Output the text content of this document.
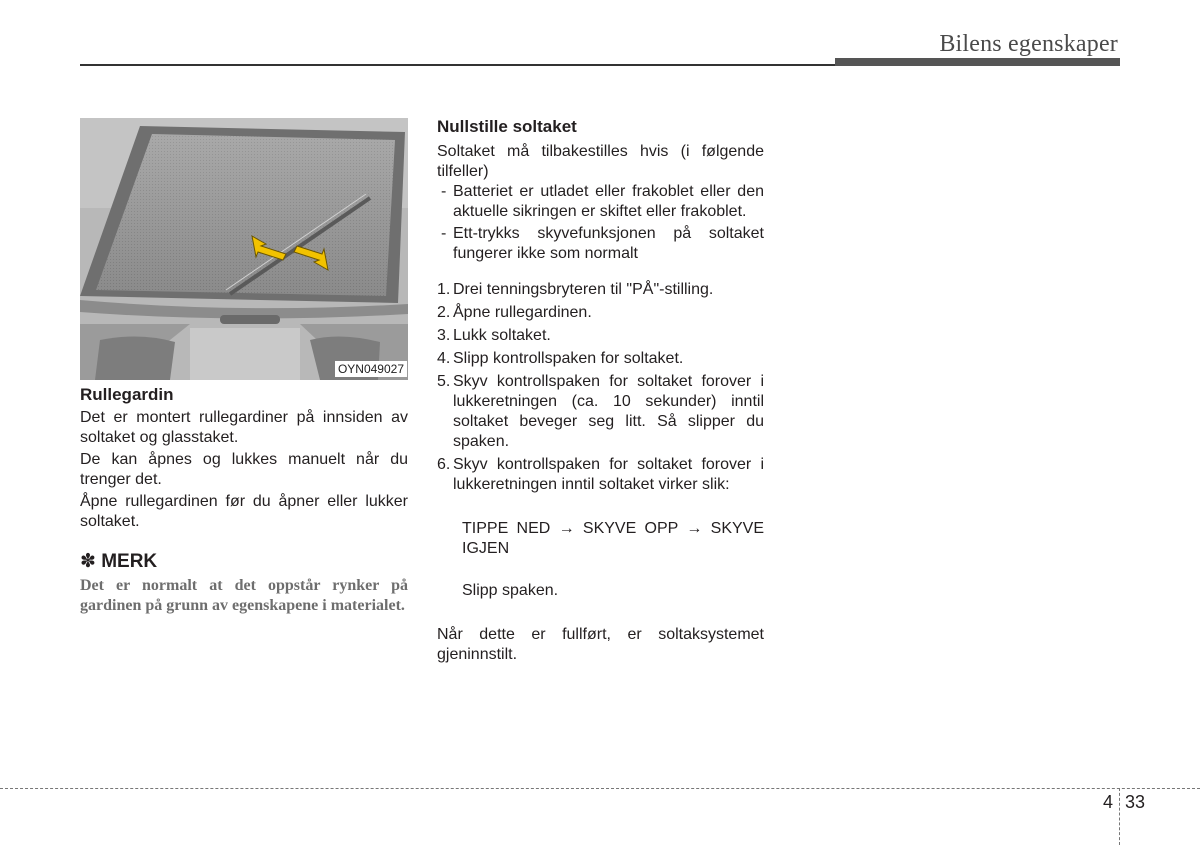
Bilens egenskaper
OYN049027
Rullegardin

Det er montert rullegardiner på innsiden av soltaket og glasstaket.

De kan åpnes og lukkes manuelt når du trenger det.

Åpne rullegardinen før du åpner eller lukker soltaket.

✽ MERK
Det er normalt at det oppstår rynker på gardinen på grunn av egenskapene i materialet.
Nullstille soltaket

Soltaket må tilbakestilles hvis (i følgende tilfeller)

- Batteriet er utladet eller frakoblet eller den aktuelle sikringen er skiftet eller frakoblet.
- Ett-trykks skyvefunksjonen på soltaket fungerer ikke som normalt
1. Drei tenningsbryteren til "PÅ"-stilling.
2. Åpne rullegardinen.
3. Lukk soltaket.
4. Slipp kontrollspaken for soltaket.
5. Skyv kontrollspaken for soltaket forover i lukkeretningen (ca. 10 sekunder) inntil soltaket beveger seg litt. Så slipper du spaken.
6. Skyv kontrollspaken for soltaket forover i lukkeretningen inntil soltaket virker slik:
TIPPE NED → SKYVE OPP → SKYVE IGJEN
Slipp spaken.

Når dette er fullført, er soltaksystemet gjeninnstilt.

4 33
